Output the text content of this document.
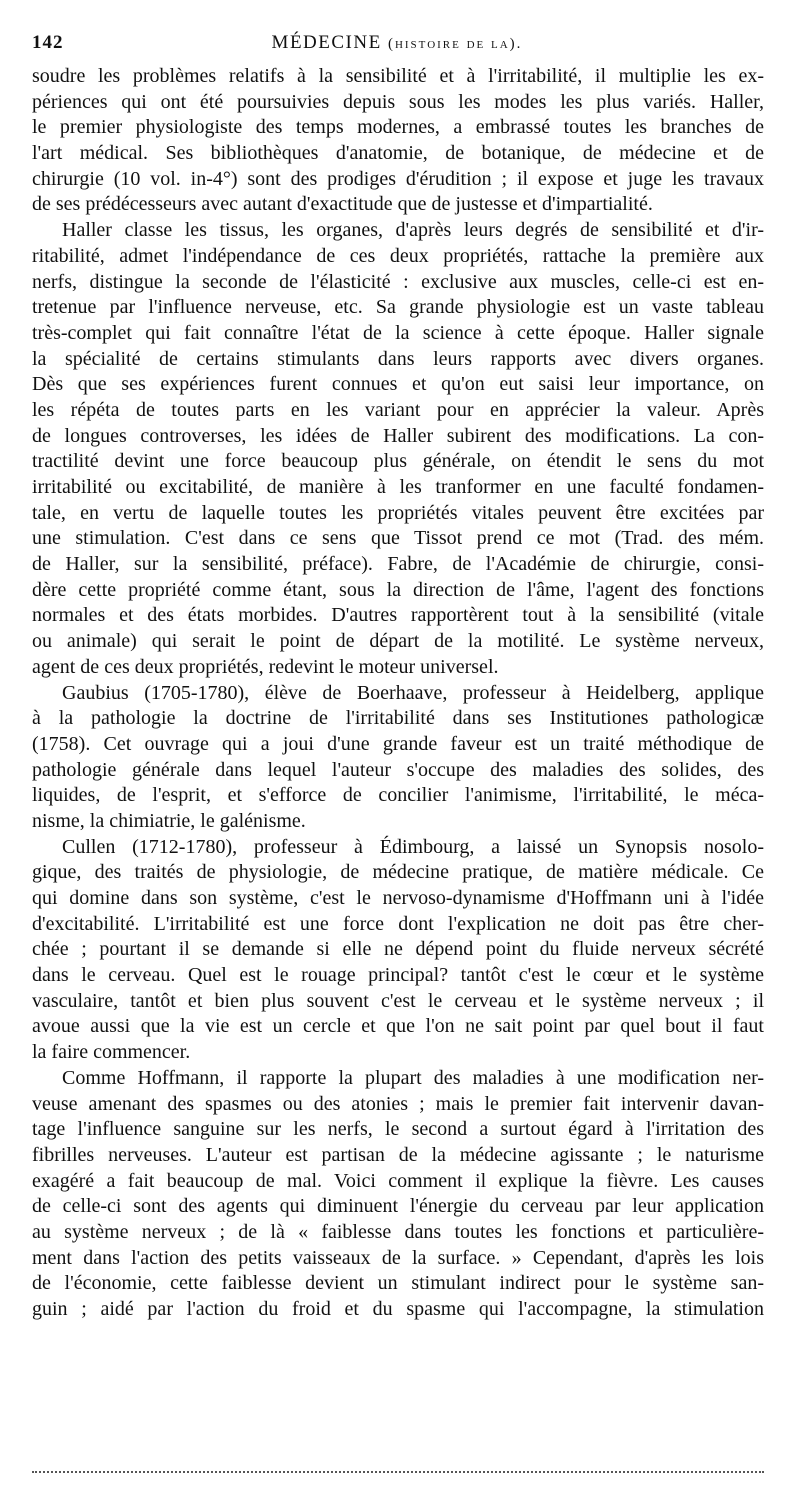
142	MÉDECINE (histoire de la).
soudre les problèmes relatifs à la sensibilité et à l'irritabilité, il multiplie les ex-
périences qui ont été poursuivies depuis sous les modes les plus variés. Haller,
le premier physiologiste des temps modernes, a embrassé toutes les branches de
l'art médical. Ses bibliothèques d'anatomie, de botanique, de médecine et de
chirurgie (10 vol. in-4°) sont des prodiges d'érudition ; il expose et juge les travaux
de ses prédécesseurs avec autant d'exactitude que de justesse et d'impartialité.
Haller classe les tissus, les organes, d'après leurs degrés de sensibilité et d'ir-
ritabilité, admet l'indépendance de ces deux propriétés, rattache la première aux
nerfs, distingue la seconde de l'élasticité : exclusive aux muscles, celle-ci est en-
tretenue par l'influence nerveuse, etc. Sa grande physiologie est un vaste tableau
très-complet qui fait connaître l'état de la science à cette époque. Haller signale
la spécialité de certains stimulants dans leurs rapports avec divers organes.
Dès que ses expériences furent connues et qu'on eut saisi leur importance, on
les répéta de toutes parts en les variant pour en apprécier la valeur. Après
de longues controverses, les idées de Haller subirent des modifications. La con-
tractilité devint une force beaucoup plus générale, on étendit le sens du mot
irritabilité ou excitabilité, de manière à les tranformer en une faculté fondamen-
tale, en vertu de laquelle toutes les propriétés vitales peuvent être excitées par
une stimulation. C'est dans ce sens que Tissot prend ce mot (Trad. des mém.
de Haller, sur la sensibilité, préface). Fabre, de l'Académie de chirurgie, consi-
dère cette propriété comme étant, sous la direction de l'âme, l'agent des fonctions
normales et des états morbides. D'autres rapportèrent tout à la sensibilité (vitale
ou animale) qui serait le point de départ de la motilité. Le système nerveux,
agent de ces deux propriétés, redevint le moteur universel.
Gaubius (1705-1780), élève de Boerhaave, professeur à Heidelberg, applique
à la pathologie la doctrine de l'irritabilité dans ses Institutiones pathologicæ
(1758). Cet ouvrage qui a joui d'une grande faveur est un traité méthodique de
pathologie générale dans lequel l'auteur s'occupe des maladies des solides, des
liquides, de l'esprit, et s'efforce de concilier l'animisme, l'irritabilité, le méca-
nisme, la chimiatrie, le galénisme.
Cullen (1712-1780), professeur à Édimbourg, a laissé un Synopsis nosolo-
gique, des traités de physiologie, de médecine pratique, de matière médicale. Ce
qui domine dans son système, c'est le nervoso-dynamisme d'Hoffmann uni à l'idée
d'excitabilité. L'irritabilité est une force dont l'explication ne doit pas être cher-
chée ; pourtant il se demande si elle ne dépend point du fluide nerveux sécrété
dans le cerveau. Quel est le rouage principal? tantôt c'est le cœur et le système
vasculaire, tantôt et bien plus souvent c'est le cerveau et le système nerveux ; il
avoue aussi que la vie est un cercle et que l'on ne sait point par quel bout il faut
la faire commencer.
Comme Hoffmann, il rapporte la plupart des maladies à une modification ner-
veuse amenant des spasmes ou des atonies ; mais le premier fait intervenir davan-
tage l'influence sanguine sur les nerfs, le second a surtout égard à l'irritation des
fibrilles nerveuses. L'auteur est partisan de la médecine agissante ; le naturisme
exagéré a fait beaucoup de mal. Voici comment il explique la fièvre. Les causes
de celle-ci sont des agents qui diminuent l'énergie du cerveau par leur application
au système nerveux ; de là « faiblesse dans toutes les fonctions et particulière-
ment dans l'action des petits vaisseaux de la surface. » Cependant, d'après les lois
de l'économie, cette faiblesse devient un stimulant indirect pour le système san-
guin ; aidé par l'action du froid et du spasme qui l'accompagne, la stimulation
